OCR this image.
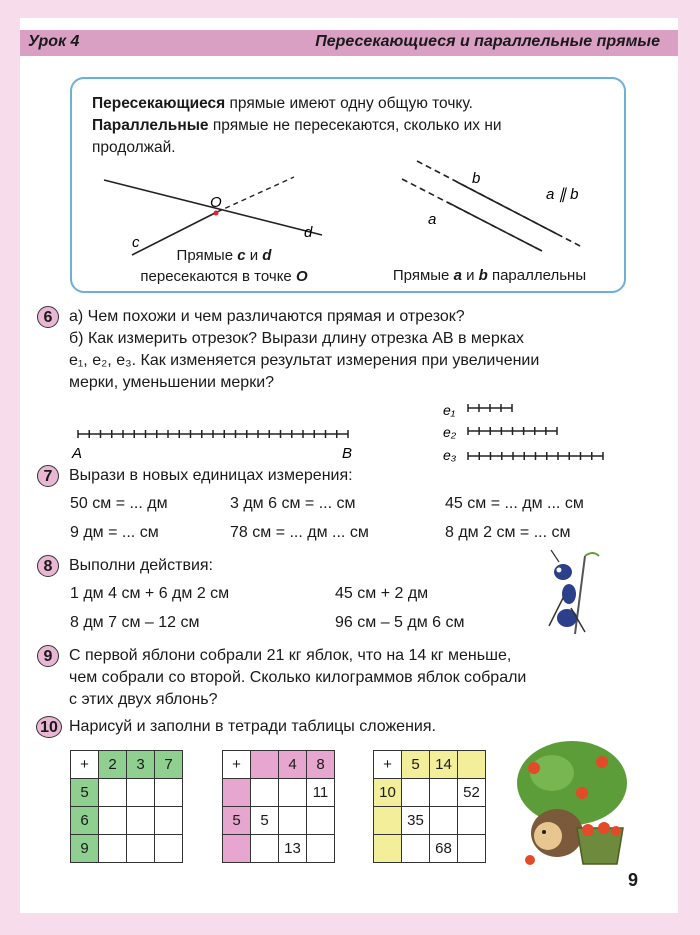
Урок 4	Пересекающиеся и параллельные прямые
Пересекающиеся прямые имеют одну общую точку.
Параллельные прямые не пересекаются, сколько их ни
продолжай.
O
c
d
b
a
a ∥ b
Прямые c и d
пересекаются в точке O	Прямые a и b параллельны
6	а) Чем похожи и чем различаются прямая и отрезок?
б) Как измерить отрезок? Вырази длину отрезка AB в мерках
e₁, e₂, e₃. Как изменяется результат измерения при увеличении
мерки, уменьшении мерки?
A	B
e₁
e₂
e₃
7	Вырази в новых единицах измерения:
50 см = ... дм	3 дм 6 см = ... см	45 см = ... дм ... см
9 дм = ... см	78 см = ... дм ... см	8 дм 2 см = ... см
8	Выполни действия:
1 дм 4 см + 6 дм 2 см	45 см + 2 дм
8 дм 7 см – 12 см	96 см – 5 дм 6 см
9	С первой яблони собрали 21 кг яблок, что на 14 кг меньше,
чем собрали со второй. Сколько килограммов яблок собрали
с этих двух яблонь?
10 Нарисуй и заполни в тетради таблицы сложения.
+	2	3	7
5			
6			
9			
+		4	8
			11
5	5		
		13	
+	5	14	
10			52
	35		
		68	
9
